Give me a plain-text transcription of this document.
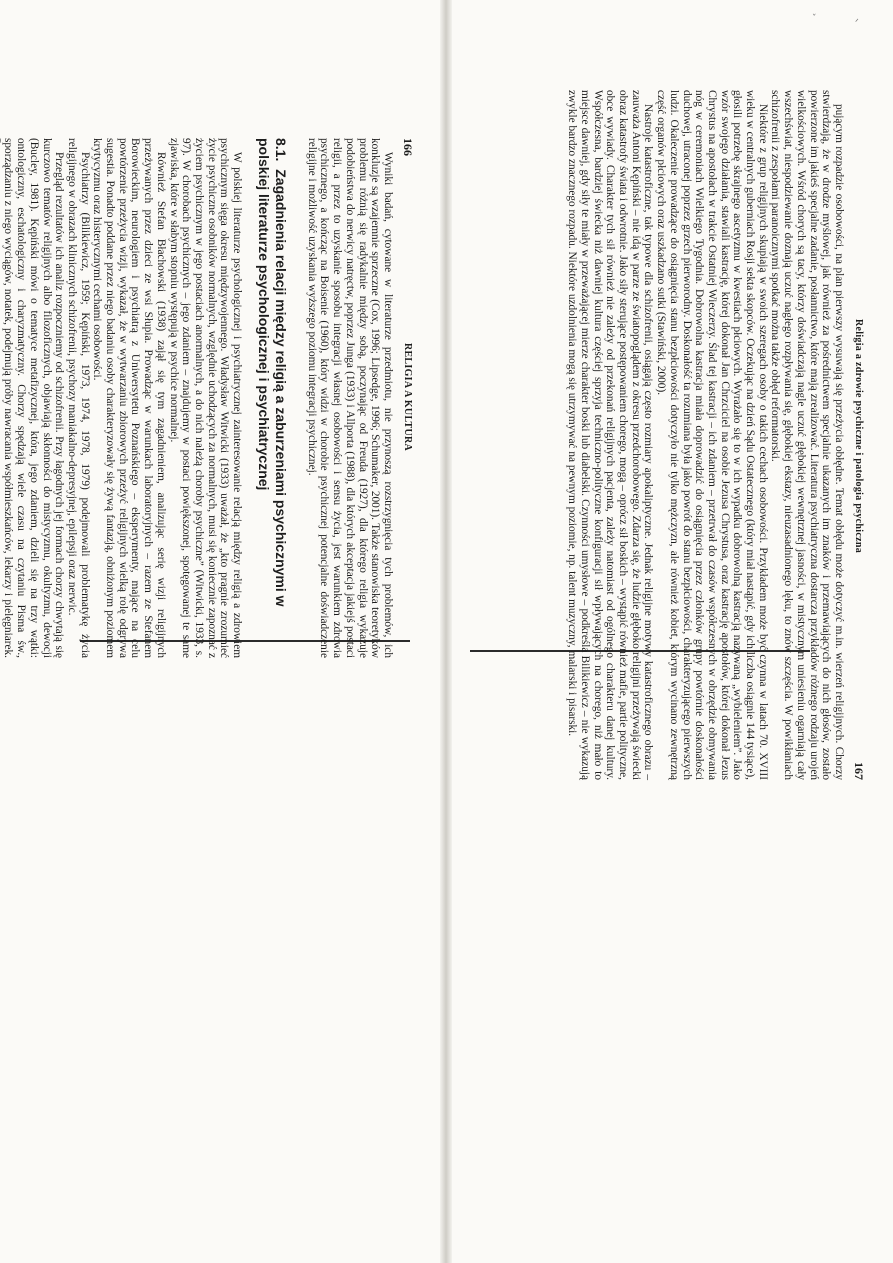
ᐟ
ˇ
166
RELIGIA A KULTURA

Wyniki badań, cytowane w literaturze przedmiotu, nie przynoszą rozstrzygnięcia tych problemów, ich konkluzje są wzajemnie sprzeczne (Cox, 1996; Lipsedge, 1996; Schumaker, 2001). Także stanowiska teoretyków problemu różnią się radykalnie między sobą, poczynając od Freuda (1927), dla którego religia wykazuje podobieństwa do nerwicy natręctw, poprzez Junga (1933) i Allporta (1988), dla których akceptacja jakiejś postaci religii, a przez to uzyskanie sposobu integracji własnej osobowości i sensu życia, jest warunkiem zdrowia psychicznego, a kończąc na Boisenie (1960), który widzi w chorobie psychicznej potencjalne doświadczenie religijne i możliwość uzyskania wyższego poziomu integracji psychicznej.

8.1. Zagadnienia relacji między religią a zaburzeniami psychicznymi w polskiej literaturze psychologicznej i psychiatrycznej

W polskiej literaturze psychologicznej i psychiatrycznej zainteresowanie relacją między religią a zdrowiem psychicznym sięga okresu międzywojennego. Władysław Witwicki (1933) uważał, że „kto pragnie zrozumieć życie psychiczne osobników normalnych, względnie uchodzących za normalnych, musi się koniecznie zapoznać z życiem psychicznym w jego postaciach anormalnych, a do nich należą choroby psychiczne” (Witwicki, 1933, s. 97). W chorobach psychicznych – jego zdaniem – znajdujemy w postaci powiększonej, spotęgowanej te same zjawiska, które w słabym stopniu występują w psychice normalnej.

Również Stefan Błachowski (1938) zajął się tym zagadnieniem, analizując serię wizji religijnych przeżywanych przez dzieci ze wsi Słupia. Prowadząc w warunkach laboratoryjnych – razem ze Stefanem Borowieckim, neurologiem i psychiatrą z Uniwersytetu Poznańskiego – eksperymenty, mające na celu powtórzenie przeżycia wizji, wykazał, że w wytwarzaniu zbiorowych przeżyć religijnych wielką rolę odgrywa sugestia. Ponadto poddane przez niego badaniu osoby charakteryzowały się żywą fantazją, obniżonym poziomem krytycyzmu oraz histerycznymi cechami osobowości.

Psychiatrzy (Bilikiewicz, 1959; Kępiński, 1973, 1974, 1978, 1979) podejmowali problematykę życia religijnego w obrazach klinicznych schizofrenii, psychozy maniakalno-depresyjnej, epilepsji oraz nerwic.

Przegląd rezultatów ich analiz rozpoczniemy od schizofrenii. Przy łagodnych jej formach chorzy chwytają się kurczowo tematów religijnych albo filozoficznych, objawiają skłonności do mistycyzmu, okultyzmu, dewocji (Bucley, 1981). Kępiński mówi o tematyce metafizycznej, która, jego zdaniem, dzieli się na trzy wątki: ontologiczny, eschatologiczny i charyzmatyczny. Chorzy spędzają wiele czasu na czytaniu Pisma św., sporządzaniu z niego wyciągów, notatek, podejmują próby nawracania współmieszkańców, lekarzy i pielęgniarek.

Religia a zdrowie psychiczne i patologia psychiczna
167

pującym rozpadzie osobowości, na plan pierwszy wysuwają się przeżycia obłędne. Temat obłędu może dotyczyć m.in. wierzeń religijnych. Chorzy stwierdzają, że w drodze myślowej, jak również za pośrednictwem specjalnie ukazanych im znaków i przemawiających do nich głosów, zostało powierzone im jakieś specjalne zadanie, posłannictwo, które mają zrealizować. Literatura psychiatryczna dostarcza przykładów różnego rodzaju urojeń wielkościowych. Wśród chorych są tacy, którzy doświadczają nagle uczuć głębokiej wewnętrznej jasności, w mistycznym uniesieniu ogarniają cały wszechświat, niespodziewanie doznają uczuć nagłego rozpływania się, głębokiej ekstazy, nieuzasadnionego lęku, to znów szczęścia. W powikłaniach schizofrenii z zespołami paranoicznymi spotkać można także obłęd reformatorski.

Niektóre z grup religijnych skupiają w swoich szeregach osoby o takich cechach osobowości. Przykładem może być czynna w latach 70. XVIII wieku w centralnych guberniach Rosji sekta skopców. Oczekując na dzień Sądu Ostatecznego (który miał nastąpić, gdy ich liczba osiągnie 144 tysiące), głosili potrzebę skrajnego ascetyzmu w kwestiach płciowych. Wyrażało się to w ich wypadku dobrowolną kastracją nazywaną „wybieleniem”. Jako wzór swojego działania, stawiali kastrację, której dokonał Jan Chrzciciel na osobie Jezusa Chrystusa, oraz kastrację apostołów, której dokonał Jezus Chrystus na apostołach w trakcie Ostatniej Wieczerzy. Ślad tej kastracji – ich zdaniem – przetrwał do czasów współczesnych w obrzędzie obmywania nóg w ceremoniach Wielkiego Tygodnia. Dobrowolna kastracja miała doprowadzić do osiągnięcia przez członków grupy powtórnie doskonałości duchowej, utraconej poprzez grzech pierworodny. Doskonałość ta rozumiana była jako powrót do stanu bezpłciowości, charakteryzującego pierwszych ludzi. Okaleczenie prowadzące do osiągnięcia stanu bezpłciowości dotyczyło nie tylko mężczyzn, ale również kobiet, którym wycinano zewnętrzną część organów płciowych oraz uszkadzano sutki (Stawiński, 2000).

Nastroje katastroficzne, tak typowe dla schizofrenii, osiągają często rozmiary apokaliptyczne. Jednak religijne motywy katastroficznego obrazu – zauważa Antoni Kępiński – nie idą w parze ze światopoglądem z okresu przedchorobowego. Zdarza się, że ludzie głęboko religijni przeżywają świecki obraz katastrofy świata i odwrotnie. Jako siły sterujące postępowaniem chorego, mogą – oprócz sił boskich – wystąpić również mafie, partie polityczne, obce wywiady. Charakter tych sił również nie zależy od przekonań religijnych pacjenta, zależy natomiast od ogólnego charakteru danej kultury. Współczesna, bardziej świecka niż dawniej kultura częściej sprzyja techniczno-polityczne konfiguracji sił wpływających na chorego, niż mało to miejsce dawniej, gdy siły te miały w przeważającej mierze charakter boski lub diabelski. Czynności umysłowe – podkreśla Bilikiewicz – nie wykazują zwykle bardzo znacznego rozpadu. Niektóre uzdolnienia mogą się utrzymywać na pewnym poziomie, np. talent muzyczny, malarski i pisarski.
